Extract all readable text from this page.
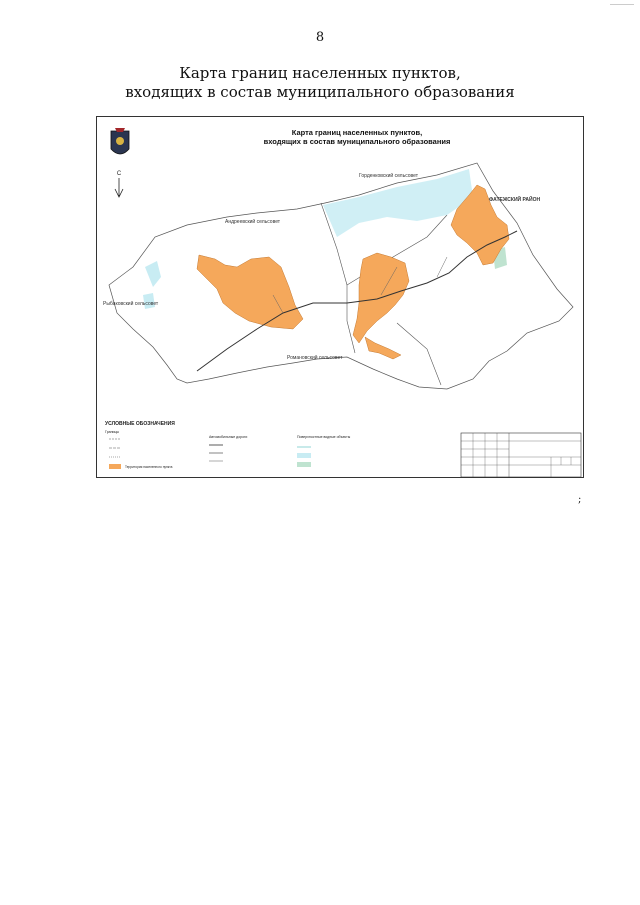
8
Карта границ населенных пунктов,
входящих в состав муниципального образования
С
Карта границ населенных пунктов,
входящих в состав муниципального образования
Горденковский сельсовет
Андреевский сельсовет
Рыбаковский сельсовет
Романовский сельсовет
ФАТЕЖСКИЙ РАЙОН
УСЛОВНЫЕ ОБОЗНАЧЕНИЯ
Границы
Территория населенного пункта
Автомобильные дороги	Поверхностные водные объекты
;
